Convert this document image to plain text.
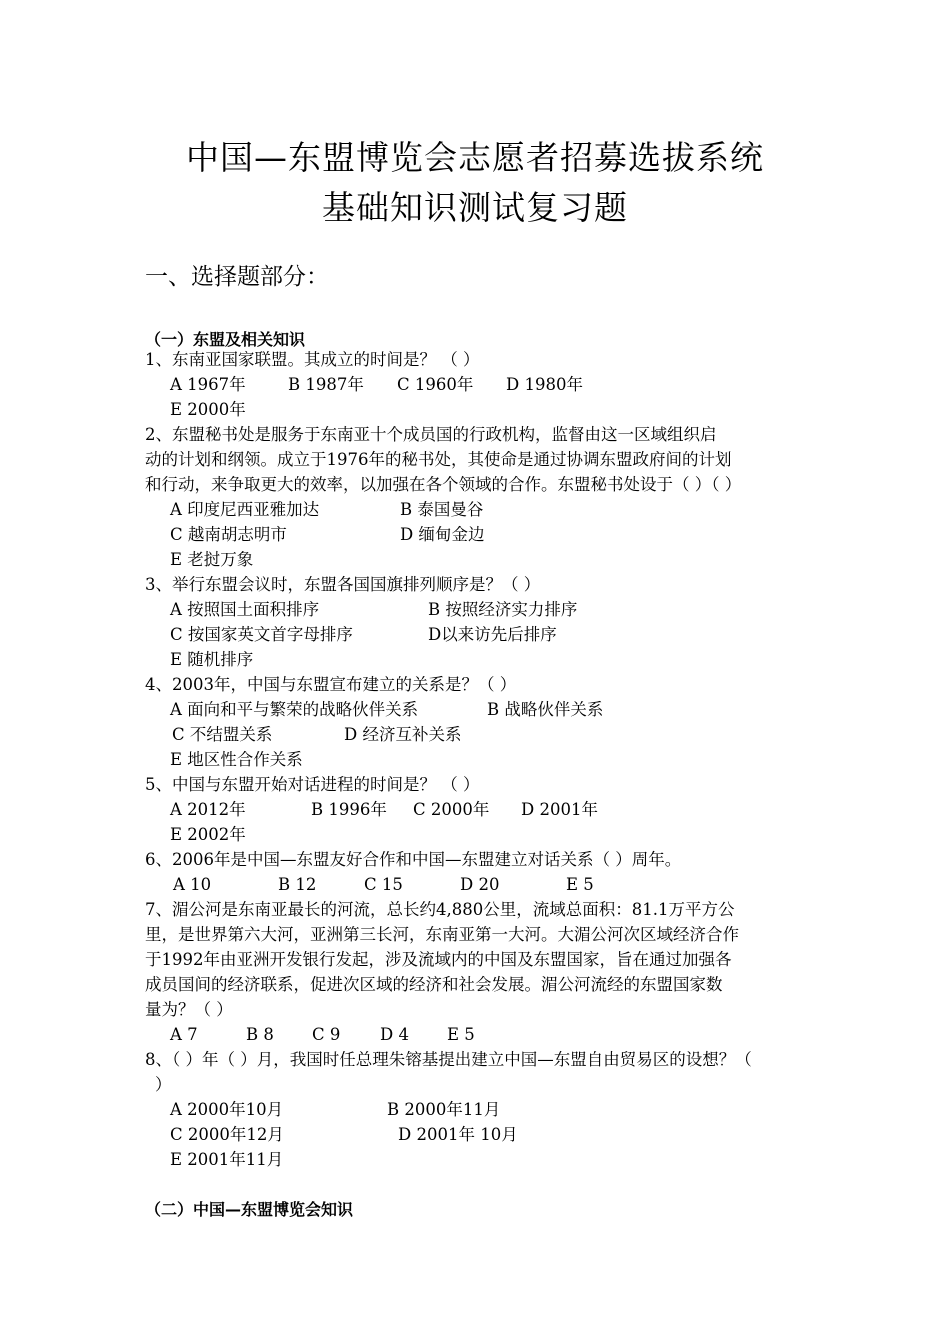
中国—东盟博览会志愿者招募选拔系统
基础知识测试复习题
一、选择题部分：
（一）东盟及相关知识
1、东南亚国家联盟。其成立的时间是？ （ ）
A 1967年	B 1987年 C 1960年 D 1980年
E 2000年
2、东盟秘书处是服务于东南亚十个成员国的行政机构，监督由这一区域组织启
动的计划和纲领。成立于1976年的秘书处，其使命是通过协调东盟政府间的计划
和行动，来争取更大的效率，以加强在各个领域的合作。东盟秘书处设于（ ）（ ）
A 印度尼西亚雅加达	B 泰国曼谷
C 越南胡志明市	D 缅甸金边
E 老挝万象
3、举行东盟会议时，东盟各国国旗排列顺序是？（ ）
A 按照国土面积排序	B 按照经济实力排序
C 按国家英文首字母排序	D以来访先后排序
E 随机排序
4、2003年，中国与东盟宣布建立的关系是？（ ）
A 面向和平与繁荣的战略伙伴关系	B 战略伙伴关系
C 不结盟关系	D 经济互补关系
E 地区性合作关系
5、中国与东盟开始对话进程的时间是？ （ ）
A 2012年	B 1996年 C 2000年 D 2001年
E 2002年
6、2006年是中国—东盟友好合作和中国—东盟建立对话关系（ ）周年。
A 10	B 12	C 15	D 20	E 5
7、湄公河是东南亚最长的河流，总长约4,880公里，流域总面积：81.1万平方公
里，是世界第六大河，亚洲第三长河，东南亚第一大河。大湄公河次区域经济合作
于1992年由亚洲开发银行发起，涉及流域内的中国及东盟国家，旨在通过加强各
成员国间的经济联系，促进次区域的经济和社会发展。湄公河流经的东盟国家数
量为？（ ）
A 7	B 8 C 9 D 4 E 5
8、（ ）年（ ）月，我国时任总理朱镕基提出建立中国—东盟自由贸易区的设想？（
）
A 2000年10月	B 2000年11月
C 2000年12月	D 2001年 10月
E 2001年11月
（二）中国—东盟博览会知识
